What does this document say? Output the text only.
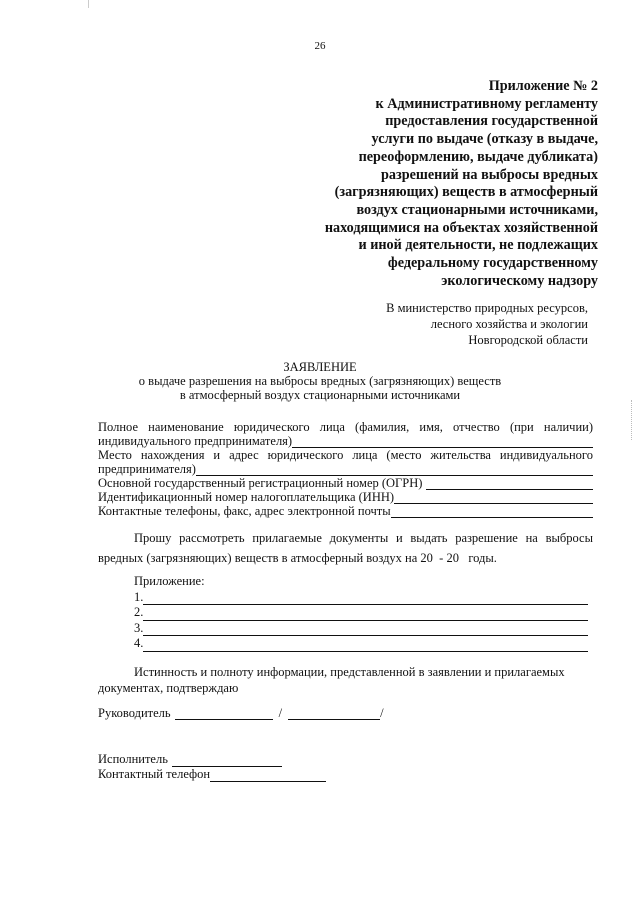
26
Приложение № 2
к Административному регламенту
предоставления государственной
услуги по выдаче (отказу в выдаче,
переоформлению, выдаче дубликата)
разрешений на выбросы вредных
(загрязняющих) веществ в атмосферный
воздух стационарными источниками,
находящимися на объектах хозяйственной
и иной деятельности, не подлежащих
федеральному государственному
экологическому надзору
В министерство природных ресурсов,
лесного хозяйства и экологии
Новгородской области
ЗАЯВЛЕНИЕ
о выдаче разрешения на выбросы вредных (загрязняющих) веществ
в атмосферный воздух стационарными источниками
Полное наименование юридического лица (фамилия, имя, отчество (при наличии)
индивидуального предпринимателя)
Место нахождения и адрес юридического лица (место жительства индивидуального
предпринимателя)
Основной государственный регистрационный номер (ОГРН)
Идентификационный номер налогоплательщика (ИНН)
Контактные телефоны, факс, адрес электронной почты
Прошу рассмотреть прилагаемые документы и выдать разрешение на выбросы
вредных (загрязняющих) веществ в атмосферный воздух на 20  - 20   годы.
Приложение:
1.
2.
3.
4.
Истинность и полноту информации, представленной в заявлении и прилагаемых
документах, подтверждаю
Руководитель	/	/
Исполнитель
Контактный телефон
